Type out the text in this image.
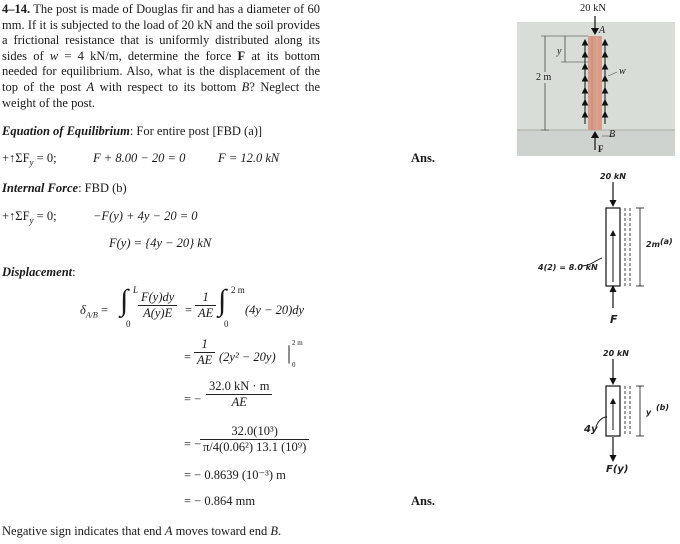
4–14. The post is made of Douglas fir and has a diameter of 60 mm. If it is subjected to the load of 20 kN and the soil provides a frictional resistance that is uniformly distributed along its sides of w = 4 kN/m, determine the force F at its bottom needed for equilibrium. Also, what is the displacement of the top of the post A with respect to its bottom B? Neglect the weight of the post.
Equation of Equilibrium: For entire post [FBD (a)]
$+↑\Sigma F_y = 0$;	F + 8.00 − 20 = 0	F = 12.0 kN	Ans.
Internal Force: FBD (b)
$+↑\Sigma F_y = 0$;	−F(y) + 4y − 20 = 0
F(y) = {4y − 20} kN
Displacement:
$\delta_{A/B}$ = ∫ L
0
$\frac{F(y)dy}{A(y)E} = \frac{1}{AE}$ ∫ 2 m
0
(4y − 20)dy
= $\frac{1}{AE} (2y^2 - 20y)$ | 2 m
0
= − $\frac{32.0 kN \cdot m}{AE}$
= −
$\frac{\text{32.0(10³)}}{\text{π/4(0.06²) 13.1 (10⁹)}}$
= − 0.8639 (10⁻³) m
= − 0.864 mm	Ans.
Negative sign indicates that end A moves toward end B.
20 kN
A
y
w
2 m
B
F
20 kN
4(2) = 8.0 kN
2m (a)
F
20 kN
4y
y
(b)
F(y)
